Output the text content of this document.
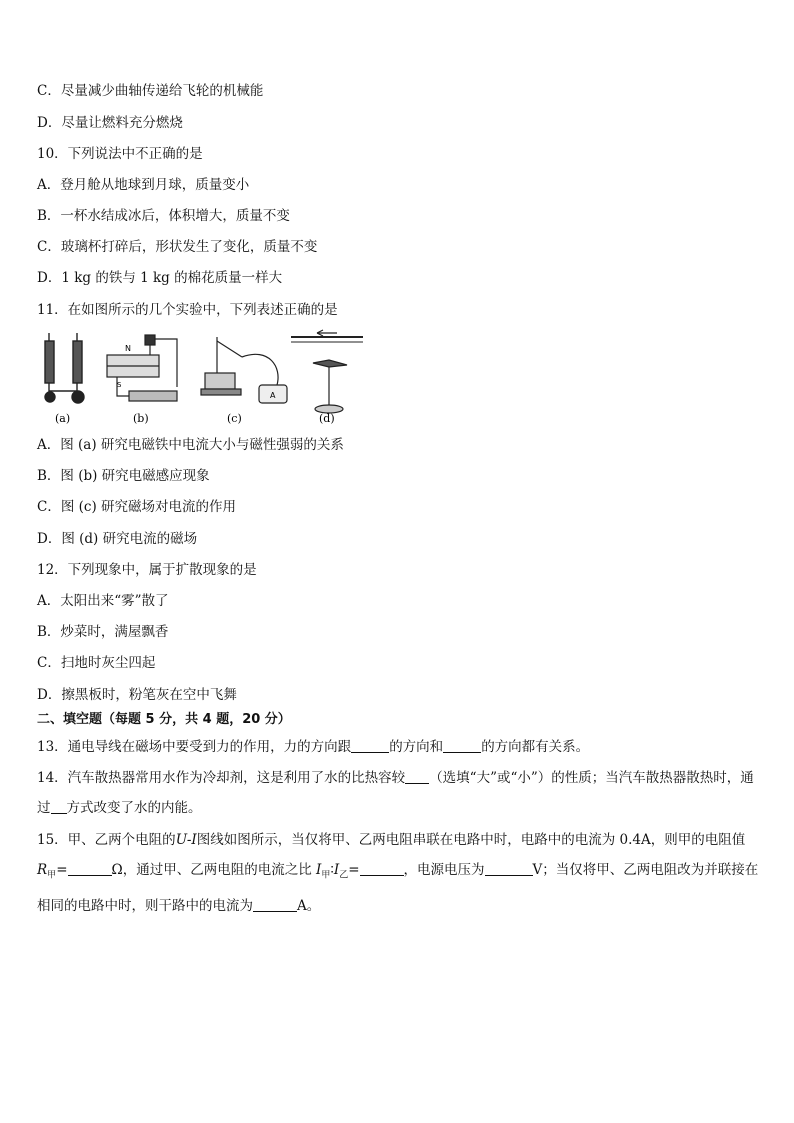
C．尽量减少曲轴传递给飞轮的机械能
D．尽量让燃料充分燃烧
10．下列说法中不正确的是
A．登月舱从地球到月球，质量变小
B．一杯水结成冰后，体积增大，质量不变
C．玻璃杯打碎后，形状发生了变化，质量不变
D．1 kg 的铁与 1 kg 的棉花质量一样大
11．在如图所示的几个实验中，下列表述正确的是
(a)
N
S
(b)
A
(c)	(d)
A．图 (a) 研究电磁铁中电流大小与磁性强弱的关系
B．图 (b) 研究电磁感应现象
C．图 (c) 研究磁场对电流的作用
D．图 (d) 研究电流的磁场
12．下列现象中，属于扩散现象的是
A．太阳出来“雾”散了
B．炒菜时，满屋飘香
C．扫地时灰尘四起
D．擦黑板时，粉笔灰在空中飞舞
二、填空题（每题 5 分，共 4 题，20 分）
13．通电导线在磁场中要受到力的作用，力的方向跟	的方向和	的方向都有关系。
14．汽车散热器常用水作为冷却剂，这是利用了水的比热容较 （选填“大”或“小”）的性质；当汽车散热器散热时，通过 方式改变了水的内能。
15．甲、乙两个电阻的U-I图线如图所示，当仅将甲、乙两电阻串联在电路中时，电路中的电流为 0.4A，则甲的电阻值 $R_甲=$	Ω，通过甲、乙两电阻的电流之比 $I_甲∶I_乙=$	，电源电压为	V；当仅将甲、乙两电阻改为并联接在相同的电路中时，则干路中的电流为	A。
